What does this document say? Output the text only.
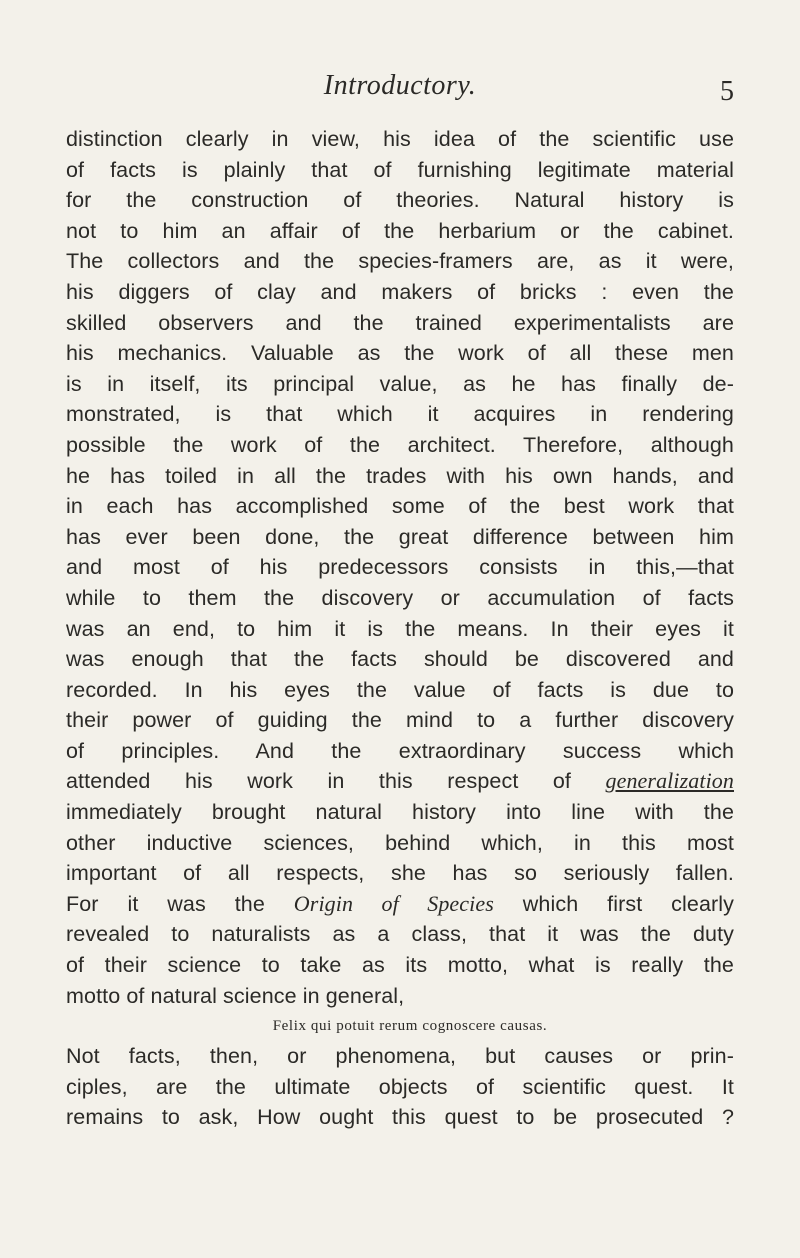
Introductory.	5
distinction clearly in view, his idea of the scientific use
of facts is plainly that of furnishing legitimate material
for the construction of theories. Natural history is
not to him an affair of the herbarium or the cabinet.
The collectors and the species-framers are, as it were,
his diggers of clay and makers of bricks : even the
skilled observers and the trained experimentalists are
his mechanics. Valuable as the work of all these men
is in itself, its principal value, as he has finally de-
monstrated, is that which it acquires in rendering
possible the work of the architect. Therefore, although
he has toiled in all the trades with his own hands, and
in each has accomplished some of the best work that
has ever been done, the great difference between him
and most of his predecessors consists in this,—that
while to them the discovery or accumulation of facts
was an end, to him it is the means. In their eyes it
was enough that the facts should be discovered and
recorded. In his eyes the value of facts is due to
their power of guiding the mind to a further discovery
of principles. And the extraordinary success which
attended his work in this respect of generalization
immediately brought natural history into line with the
other inductive sciences, behind which, in this most
important of all respects, she has so seriously fallen.
For it was the Origin of Species which first clearly
revealed to naturalists as a class, that it was the duty
of their science to take as its motto, what is really the
motto of natural science in general,
Felix qui potuit rerum cognoscere causas.
Not facts, then, or phenomena, but causes or prin-
ciples, are the ultimate objects of scientific quest. It
remains to ask, How ought this quest to be prosecuted ?
